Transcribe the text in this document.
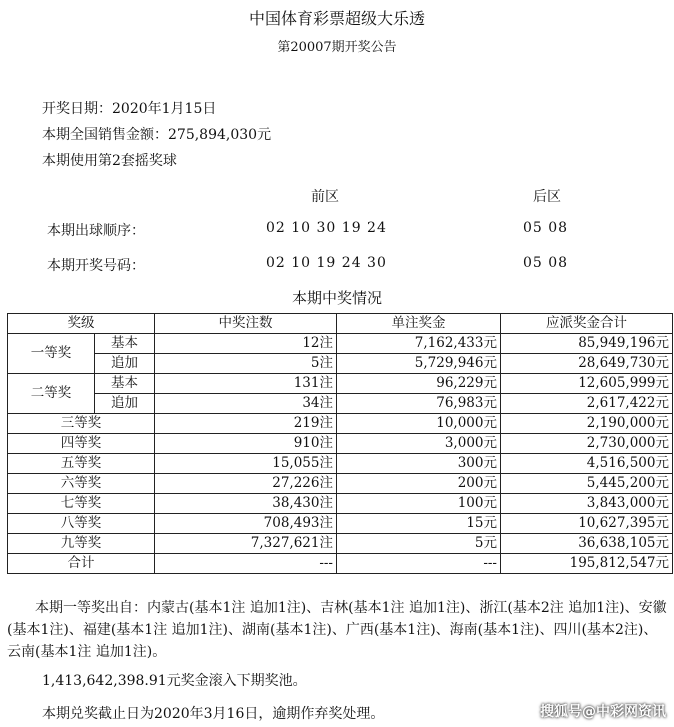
中国体育彩票超级大乐透
第20007期开奖公告
开奖日期：2020年1月15日
本期全国销售金额：275,894,030元
本期使用第2套摇奖球
前区	后区
本期出球顺序：	02 10 30 19 24	05 08
本期开奖号码：	02 10 19 24 30	05 08
本期中奖情况
奖级		中奖注数	单注奖金	应派奖金合计
一等奖	基本	12注	7,162,433元	85,949,196元
	追加	5注	5,729,946元	28,649,730元
二等奖	基本	131注	96,229元	12,605,999元
	追加	34注	76,983元	2,617,422元
三等奖		219注	10,000元	2,190,000元
四等奖		910注	3,000元	2,730,000元
五等奖		15,055注	300元	4,516,500元
六等奖		27,226注	200元	5,445,200元
七等奖		38,430注	100元	3,843,000元
八等奖		708,493注	15元	10,627,395元
九等奖		7,327,621注	5元	36,638,105元
合计		---	---	195,812,547元
本期一等奖出自：内蒙古(基本1注 追加1注)、吉林(基本1注 追加1注)、浙江(基本2注 追加1注)、安徽(基本1注)、福建(基本1注 追加1注)、湖南(基本1注)、广西(基本1注)、海南(基本1注)、四川(基本2注)、云南(基本1注 追加1注)。
1,413,642,398.91元奖金滚入下期奖池。
本期兑奖截止日为2020年3月16日，逾期作弃奖处理。	搜狐号@中彩网资讯
